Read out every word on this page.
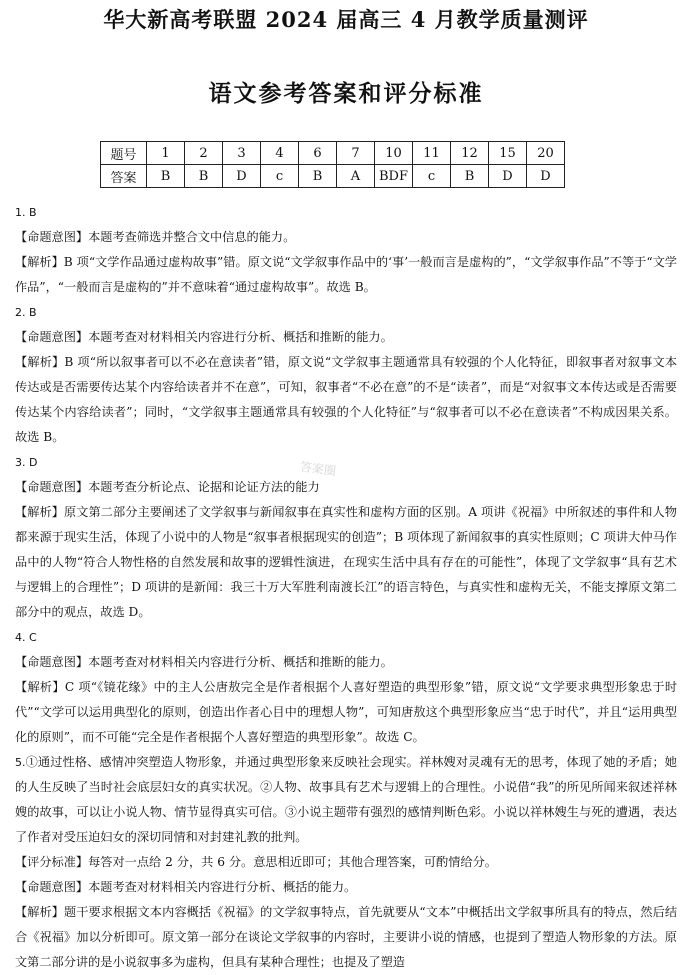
华大新高考联盟 2024 届高三 4 月教学质量测评
语文参考答案和评分标准
题号	1	2	3	4	6	7	10	11	12	15	20
答案	B	B	D	c	B	A	BDF	c	B	D	D

1. B

【命题意图】本题考查筛选并整合文中信息的能力。

【解析】B 项“文学作品通过虚构故事”错。原文说“文学叙事作品中的‘事’一般而言是虚构的”，“文学叙事作品”不等于“文学作品”，“一般而言是虚构的”并不意味着“通过虚构故事”。故选 B。

2. B

【命题意图】本题考查对材料相关内容进行分析、概括和推断的能力。

【解析】B 项“所以叙事者可以不必在意读者”错，原文说“文学叙事主题通常具有较强的个人化特征，即叙事者对叙事文本传达或是否需要传达某个内容给读者并不在意”，可知，叙事者“不必在意”的不是“读者”，而是“对叙事文本传达或是否需要传达某个内容给读者”；同时，“文学叙事主题通常具有较强的个人化特征”与“叙事者可以不必在意读者”不构成因果关系。故选 B。

3. D

【命题意图】本题考查分析论点、论据和论证方法的能力

【解析】原文第二部分主要阐述了文学叙事与新闻叙事在真实性和虚构方面的区别。A 项讲《祝福》中所叙述的事件和人物都来源于现实生活，体现了小说中的人物是“叙事者根据现实的创造”；B 项体现了新闻叙事的真实性原则；C 项讲大仲马作品中的人物“符合人物性格的自然发展和故事的逻辑性演进，在现实生活中具有存在的可能性”，体现了文学叙事“具有艺术与逻辑上的合理性”；D 项讲的是新闻：我三十万大军胜利南渡长江”的语言特色，与真实性和虚构无关，不能支撑原文第二部分中的观点，故选 D。

4. C

【命题意图】本题考查对材料相关内容进行分析、概括和推断的能力。

【解析】C 项“《镜花缘》中的主人公唐敖完全是作者根据个人喜好塑造的典型形象”错，原文说“文学要求典型形象忠于时代”“文学可以运用典型化的原则，创造出作者心目中的理想人物”，可知唐敖这个典型形象应当“忠于时代”，并且“运用典型化的原则”，而不可能“完全是作者根据个人喜好塑造的典型形象”。故选 C。

5.①通过性格、感情冲突塑造人物形象，并通过典型形象来反映社会现实。祥林嫂对灵魂有无的思考，体现了她的矛盾；她的人生反映了当时社会底层妇女的真实状况。②人物、故事具有艺术与逻辑上的合理性。小说借“我”的所见所闻来叙述祥林嫂的故事，可以让小说人物、情节显得真实可信。③小说主题带有强烈的感情判断色彩。小说以祥林嫂生与死的遭遇，表达了作者对受压迫妇女的深切同情和对封建礼教的批判。

【评分标准】每答对一点给 2 分，共 6 分。意思相近即可；其他合理答案，可酌情给分。

【命题意图】本题考查对材料相关内容进行分析、概括的能力。

【解析】题干要求根据文本内容概括《祝福》的文学叙事特点，首先就要从“文本”中概括出文学叙事所具有的特点，然后结合《祝福》加以分析即可。原文第一部分在谈论文学叙事的内容时，主要讲小说的情感，也提到了塑造人物形象的方法。原文第二部分讲的是小说叙事多为虚构，但具有某种合理性；也提及了塑造

答案圈
